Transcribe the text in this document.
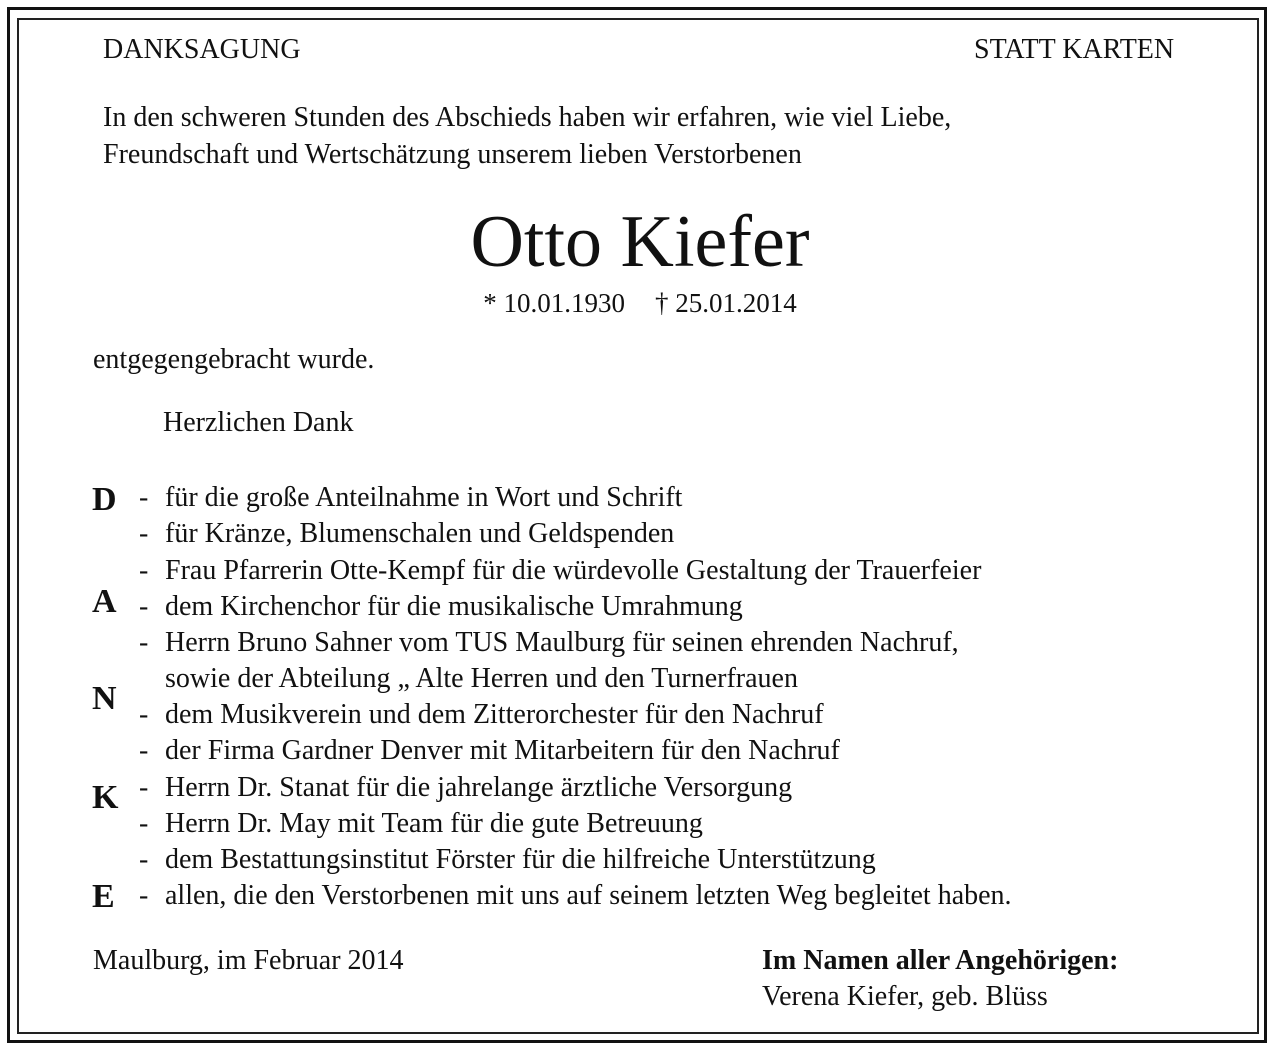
DANKSAGUNG	STATT KARTEN
In den schweren Stunden des Abschieds haben wir erfahren, wie viel Liebe,
Freundschaft und Wertschätzung unserem lieben Verstorbenen
Otto Kiefer
* 10.01.1930 † 25.01.2014
entgegengebracht wurde.
Herzlichen Dank
D
A
N
K
E
- für die große Anteilnahme in Wort und Schrift
- für Kränze, Blumenschalen und Geldspenden
- Frau Pfarrerin Otte-Kempf für die würdevolle Gestaltung der Trauerfeier
- dem Kirchenchor für die musikalische Umrahmung
- Herrn Bruno Sahner vom TUS Maulburg für seinen ehrenden Nachruf,
sowie der Abteilung „ Alte Herren und den Turnerfrauen
- dem Musikverein und dem Zitterorchester für den Nachruf
- der Firma Gardner Denver mit Mitarbeitern für den Nachruf
- Herrn Dr. Stanat für die jahrelange ärztliche Versorgung
- Herrn Dr. May mit Team für die gute Betreuung
- dem Bestattungsinstitut Förster für die hilfreiche Unterstützung
- allen, die den Verstorbenen mit uns auf seinem letzten Weg begleitet haben.
Maulburg, im Februar 2014	Im Namen aller Angehörigen:
Verena Kiefer, geb. Blüss
